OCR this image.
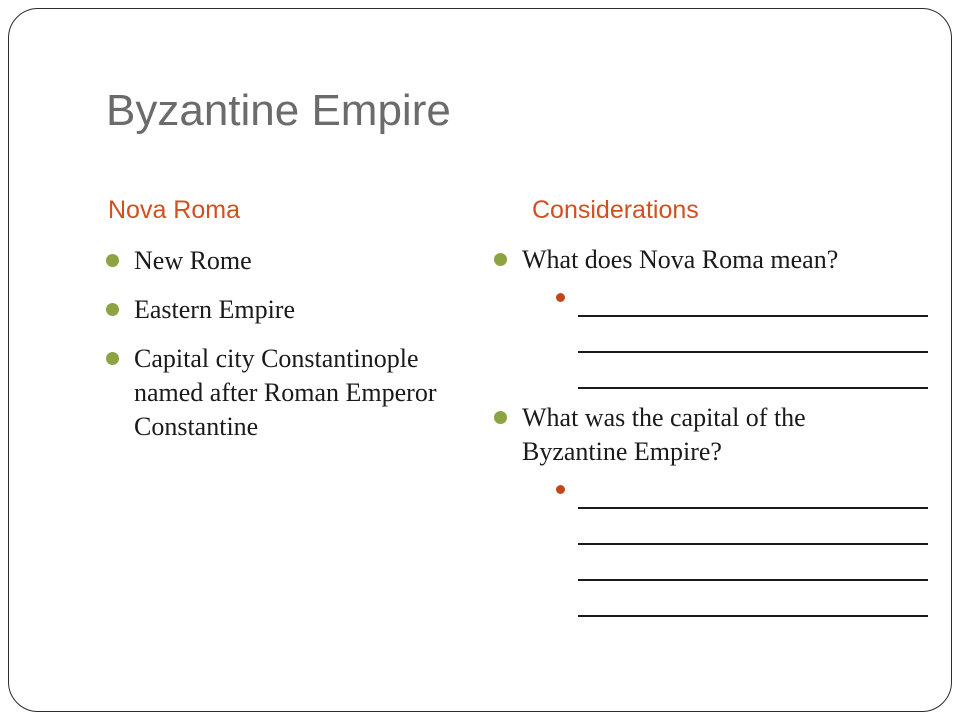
Byzantine Empire
Nova Roma	Considerations
New Rome
Eastern Empire
Capital city Constantinople named after Roman Emperor Constantine
What does Nova Roma mean?
What was the capital of the Byzantine Empire?
